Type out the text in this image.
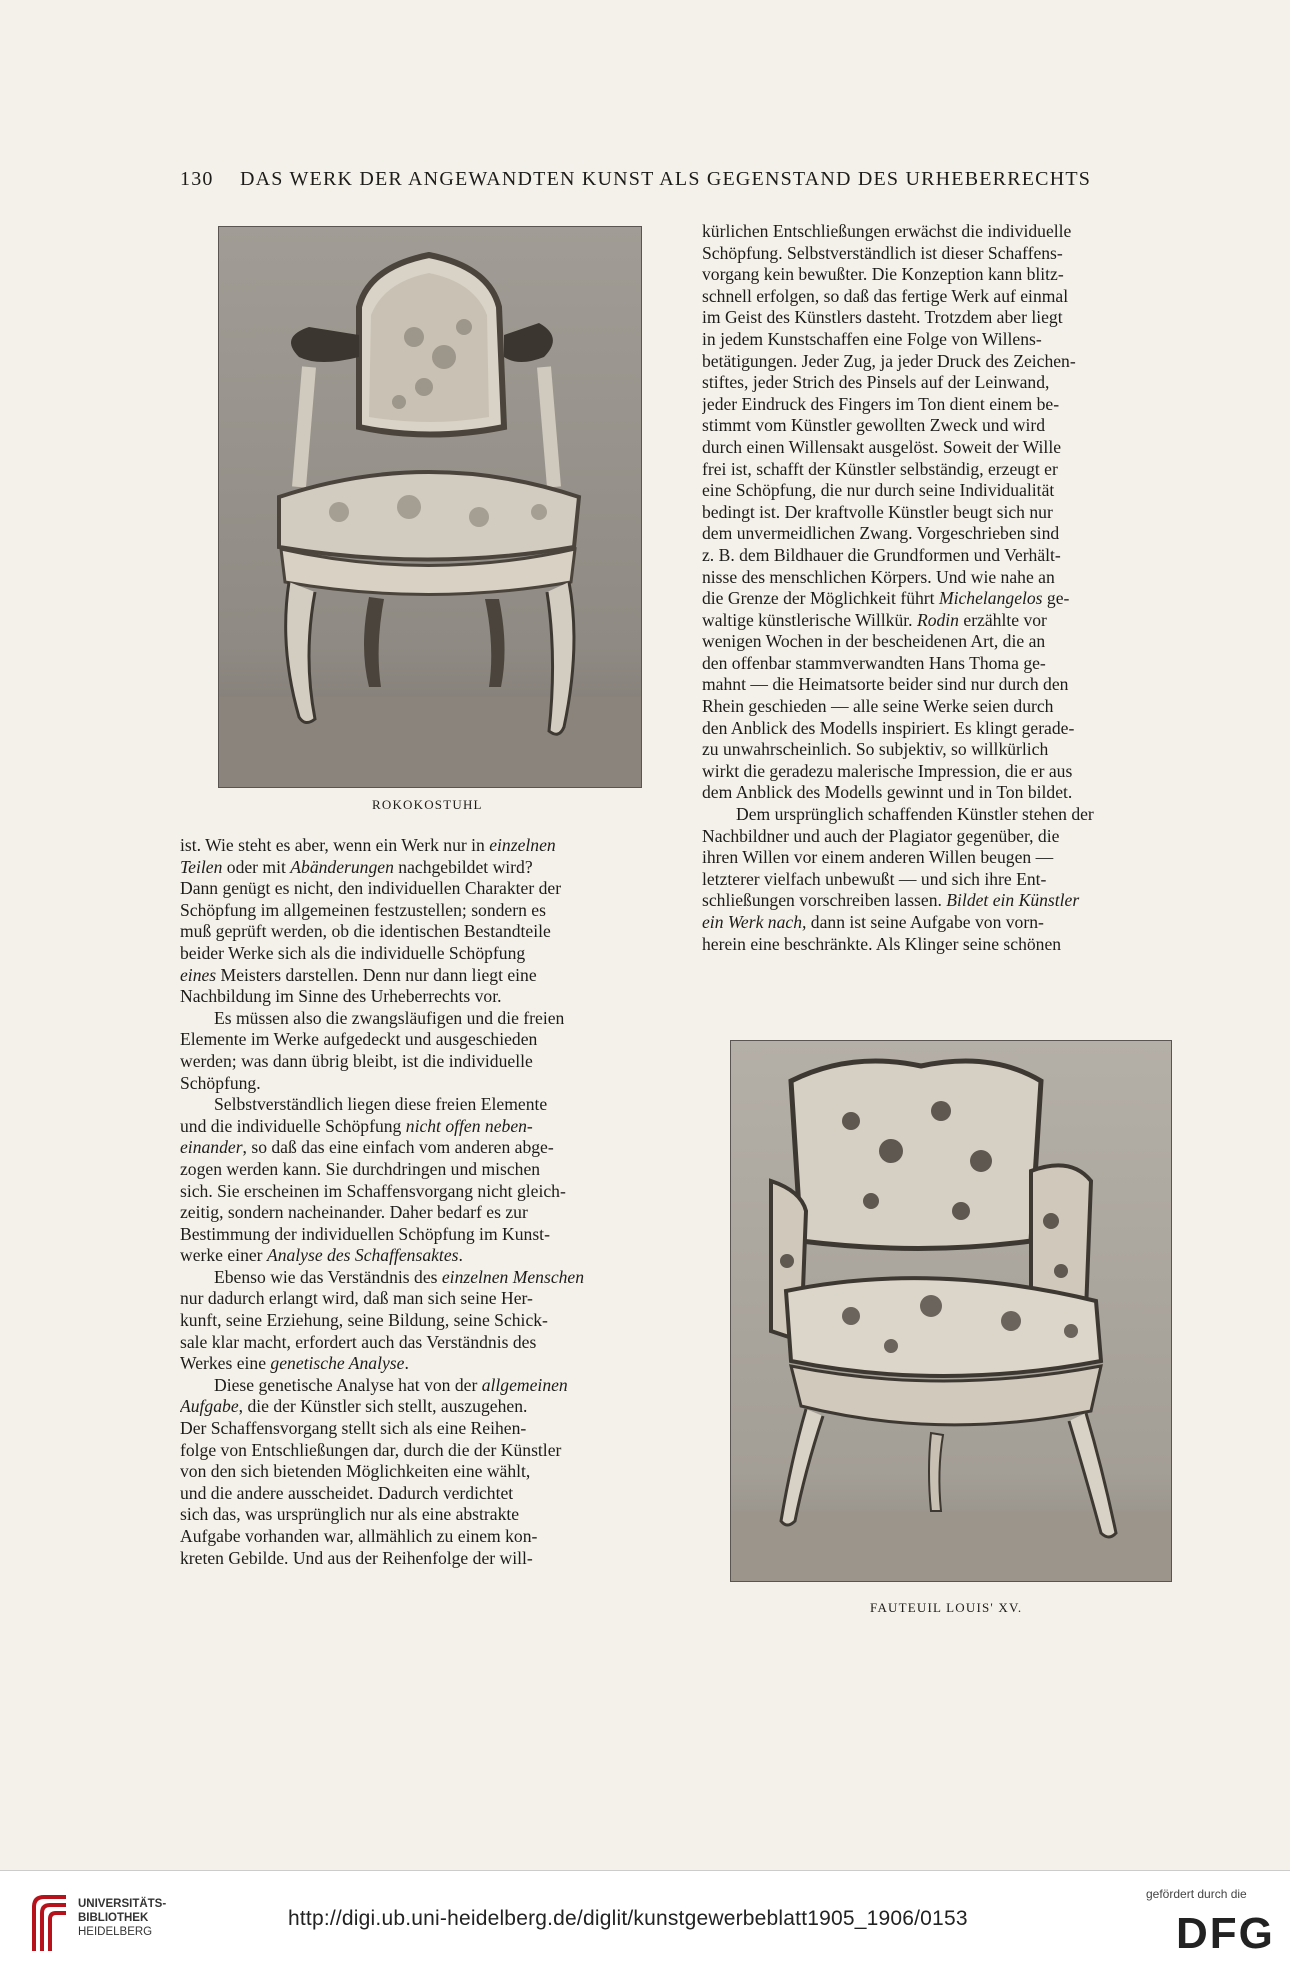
130 DAS WERK DER ANGEWANDTEN KUNST ALS GEGENSTAND DES URHEBERRECHTS
ROKOKOSTUHL
FAUTEUIL LOUIS' XV.
kürlichen Entschließungen erwächst die individuelle
Schöpfung. Selbstverständlich ist dieser Schaffens-
vorgang kein bewußter. Die Konzeption kann blitz-
schnell erfolgen, so daß das fertige Werk auf einmal
im Geist des Künstlers dasteht. Trotzdem aber liegt
in jedem Kunstschaffen eine Folge von Willens-
betätigungen. Jeder Zug, ja jeder Druck des Zeichen-
stiftes, jeder Strich des Pinsels auf der Leinwand,
jeder Eindruck des Fingers im Ton dient einem be-
stimmt vom Künstler gewollten Zweck und wird
durch einen Willensakt ausgelöst. Soweit der Wille
frei ist, schafft der Künstler selbständig, erzeugt er
eine Schöpfung, die nur durch seine Individualität
bedingt ist. Der kraftvolle Künstler beugt sich nur
dem unvermeidlichen Zwang. Vorgeschrieben sind
z. B. dem Bildhauer die Grundformen und Verhält-
nisse des menschlichen Körpers. Und wie nahe an
die Grenze der Möglichkeit führt Michelangelos ge-
waltige künstlerische Willkür. Rodin erzählte vor
wenigen Wochen in der bescheidenen Art, die an
den offenbar stammverwandten Hans Thoma ge-
mahnt — die Heimatsorte beider sind nur durch den
Rhein geschieden — alle seine Werke seien durch
den Anblick des Modells inspiriert. Es klingt gerade-
zu unwahrscheinlich. So subjektiv, so willkürlich
wirkt die geradezu malerische Impression, die er aus
dem Anblick des Modells gewinnt und in Ton bildet.
Dem ursprünglich schaffenden Künstler stehen der
Nachbildner und auch der Plagiator gegenüber, die
ihren Willen vor einem anderen Willen beugen —
letzterer vielfach unbewußt — und sich ihre Ent-
schließungen vorschreiben lassen. Bildet ein Künstler
ein Werk nach, dann ist seine Aufgabe von vorn-
herein eine beschränkte. Als Klinger seine schönen
ist. Wie steht es aber, wenn ein Werk nur in einzelnen
Teilen oder mit Abänderungen nachgebildet wird?
Dann genügt es nicht, den individuellen Charakter der
Schöpfung im allgemeinen festzustellen; sondern es
muß geprüft werden, ob die identischen Bestandteile
beider Werke sich als die individuelle Schöpfung
eines Meisters darstellen. Denn nur dann liegt eine
Nachbildung im Sinne des Urheberrechts vor.
Es müssen also die zwangsläufigen und die freien
Elemente im Werke aufgedeckt und ausgeschieden
werden; was dann übrig bleibt, ist die individuelle
Schöpfung.
Selbstverständlich liegen diese freien Elemente
und die individuelle Schöpfung nicht offen neben-
einander, so daß das eine einfach vom anderen abge-
zogen werden kann. Sie durchdringen und mischen
sich. Sie erscheinen im Schaffensvorgang nicht gleich-
zeitig, sondern nacheinander. Daher bedarf es zur
Bestimmung der individuellen Schöpfung im Kunst-
werke einer Analyse des Schaffensaktes.
Ebenso wie das Verständnis des einzelnen Menschen
nur dadurch erlangt wird, daß man sich seine Her-
kunft, seine Erziehung, seine Bildung, seine Schick-
sale klar macht, erfordert auch das Verständnis des
Werkes eine genetische Analyse.
Diese genetische Analyse hat von der allgemeinen
Aufgabe, die der Künstler sich stellt, auszugehen.
Der Schaffensvorgang stellt sich als eine Reihen-
folge von Entschließungen dar, durch die der Künstler
von den sich bietenden Möglichkeiten eine wählt,
und die andere ausscheidet. Dadurch verdichtet
sich das, was ursprünglich nur als eine abstrakte
Aufgabe vorhanden war, allmählich zu einem kon-
kreten Gebilde. Und aus der Reihenfolge der will-
UNIVERSITÄTS-
BIBLIOTHEK
HEIDELBERG
http://digi.ub.uni-heidelberg.de/diglit/kunstgewerbeblatt1905_1906/0153
gefördert durch die
DFG
